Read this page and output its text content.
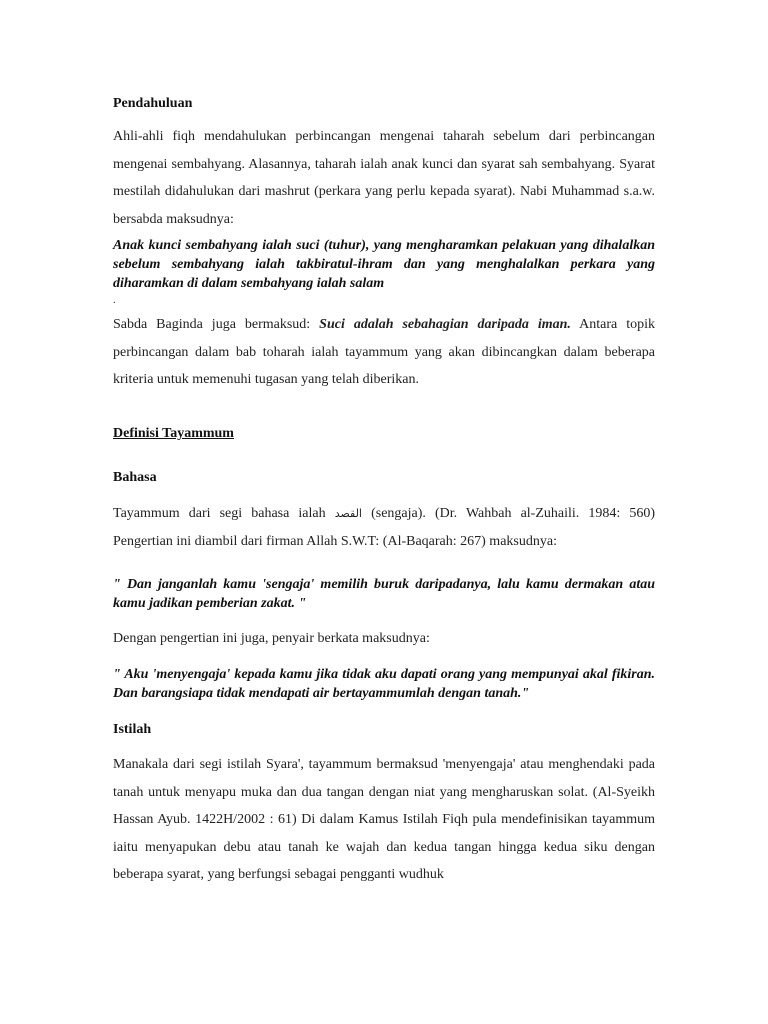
Pendahuluan

Ahli-ahli fiqh mendahulukan perbincangan mengenai taharah sebelum dari perbincangan mengenai sembahyang. Alasannya, taharah ialah anak kunci dan syarat sah sembahyang. Syarat mestilah didahulukan dari mashrut (perkara yang perlu kepada syarat). Nabi Muhammad s.a.w. bersabda maksudnya:

Anak kunci sembahyang ialah suci (tuhur), yang mengharamkan pelakuan yang dihalalkan sebelum sembahyang ialah takbiratul-ihram dan yang menghalalkan perkara yang diharamkan di dalam sembahyang ialah salam

.

Sabda Baginda juga bermaksud: Suci adalah sebahagian daripada iman. Antara topik perbincangan dalam bab toharah ialah tayammum yang akan dibincangkan dalam beberapa kriteria untuk memenuhi tugasan yang telah diberikan.

Definisi Tayammum
Bahasa

Tayammum dari segi bahasa ialah القصد (sengaja). (Dr. Wahbah al-Zuhaili. 1984: 560) Pengertian ini diambil dari firman Allah S.W.T: (Al-Baqarah: 267) maksudnya:

" Dan janganlah kamu 'sengaja' memilih buruk daripadanya, lalu kamu dermakan atau kamu jadikan pemberian zakat. "

Dengan pengertian ini juga, penyair berkata maksudnya:

" Aku 'menyengaja' kepada kamu jika tidak aku dapati orang yang mempunyai akal fikiran. Dan barangsiapa tidak mendapati air bertayammumlah dengan tanah."

Istilah

Manakala dari segi istilah Syara', tayammum bermaksud 'menyengaja' atau menghendaki pada tanah untuk menyapu muka dan dua tangan dengan niat yang mengharuskan solat. (Al-Syeikh Hassan Ayub. 1422H/2002 : 61) Di dalam Kamus Istilah Fiqh pula mendefinisikan tayammum iaitu menyapukan debu atau tanah ke wajah dan kedua tangan hingga kedua siku dengan beberapa syarat, yang berfungsi sebagai pengganti wudhuk
